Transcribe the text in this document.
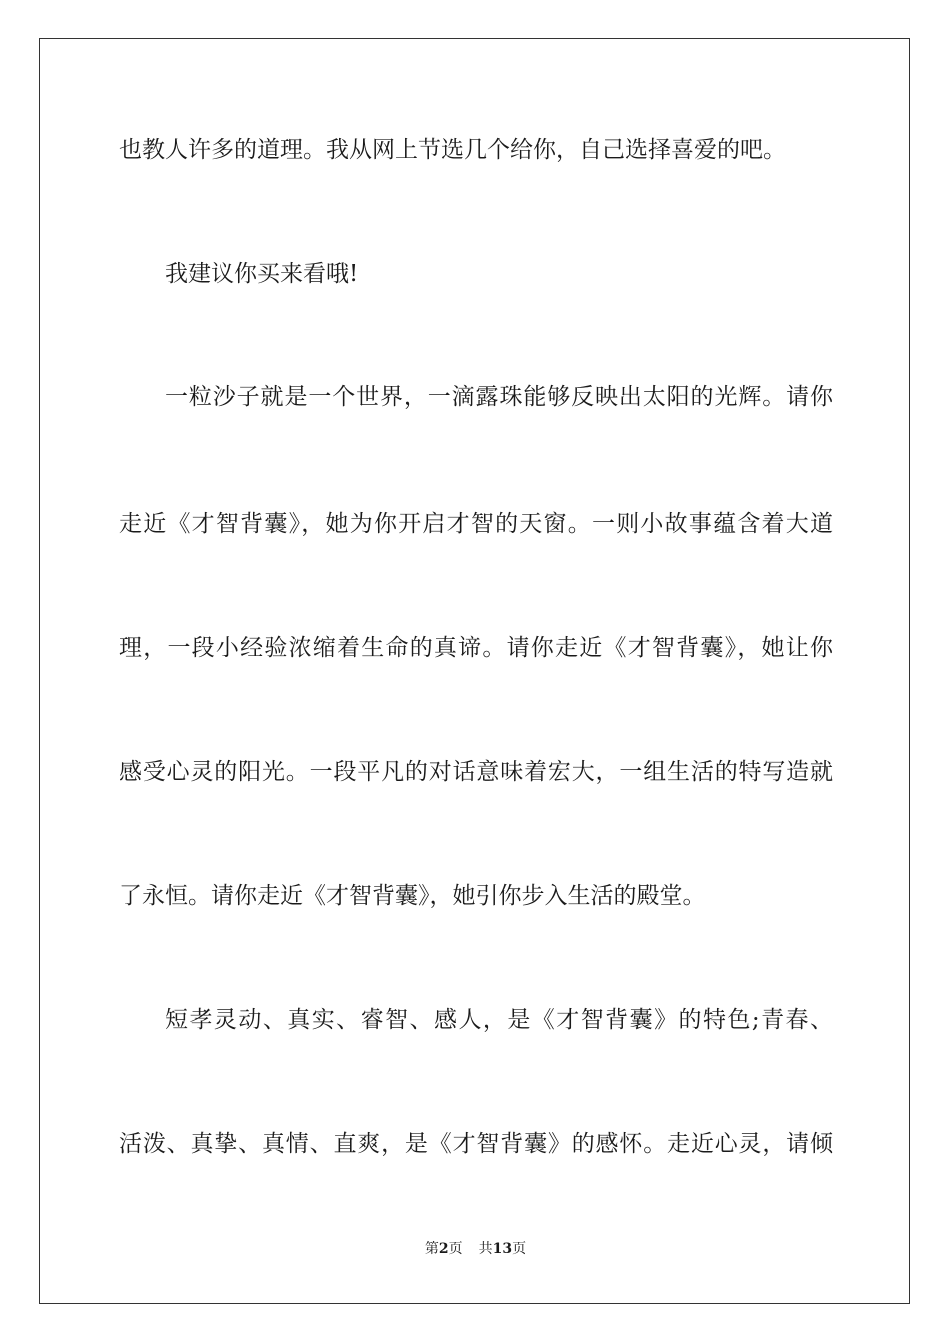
也教人许多的道理。我从网上节选几个给你，自己选择喜爱的吧。

我建议你买来看哦!

一粒沙子就是一个世界，一滴露珠能够反映出太阳的光辉。请你

走近《才智背囊》，她为你开启才智的天窗。一则小故事蕴含着大道

理，一段小经验浓缩着生命的真谛。请你走近《才智背囊》，她让你

感受心灵的阳光。一段平凡的对话意味着宏大，一组生活的特写造就

了永恒。请你走近《才智背囊》，她引你步入生活的殿堂。

短孝灵动、真实、睿智、感人，是《才智背囊》的特色;青春、

活泼、真挚、真情、直爽，是《才智背囊》的感怀。走近心灵，请倾

第2页 共13页
